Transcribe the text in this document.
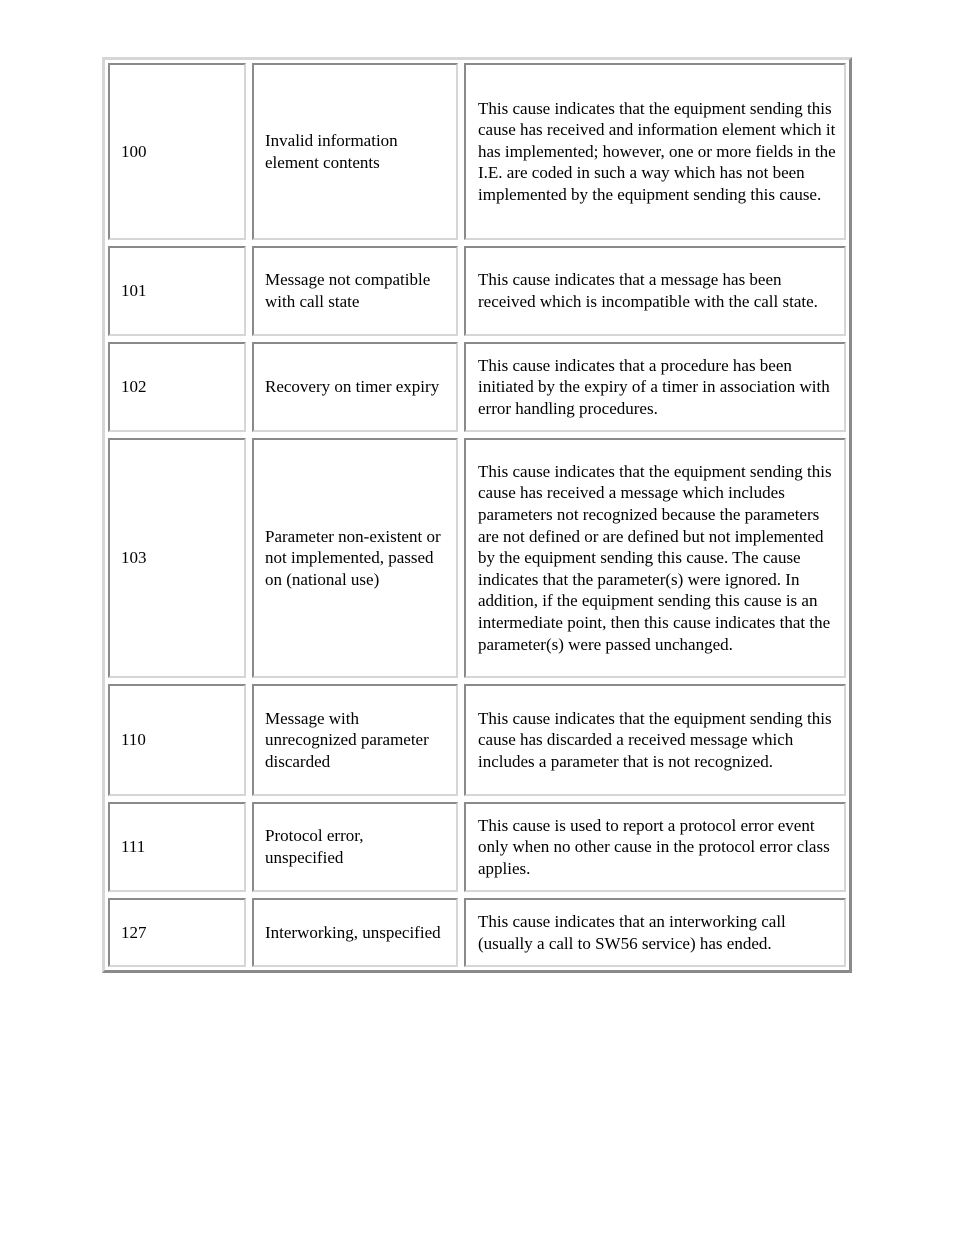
100
Invalid information element contents
This cause indicates that the equipment sending this cause has received and information element which it has implemented; however, one or more fields in the I.E. are coded in such a way which has not been implemented by the equipment sending this cause.
101
Message not compatible with call state
This cause indicates that a message has been received which is incompatible with the call state.
102	Recovery on timer expiry
This cause indicates that a procedure has been initiated by the expiry of a timer in association with error handling procedures.
103
Parameter non-existent or not implemented, passed on (national use)
This cause indicates that the equipment sending this cause has received a message which includes parameters not recognized because the parameters are not defined or are defined but not implemented by the equipment sending this cause. The cause indicates that the parameter(s) were ignored. In addition, if the equipment sending this cause is an intermediate point, then this cause indicates that the parameter(s) were passed unchanged.
110
Message with unrecognized parameter discarded
This cause indicates that the equipment sending this cause has discarded a received message which includes a parameter that is not recognized.
111
Protocol error, unspecified
This cause is used to report a protocol error event only when no other cause in the protocol error class applies.
127	Interworking, unspecified
This cause indicates that an interworking call (usually a call to SW56 service) has ended.
